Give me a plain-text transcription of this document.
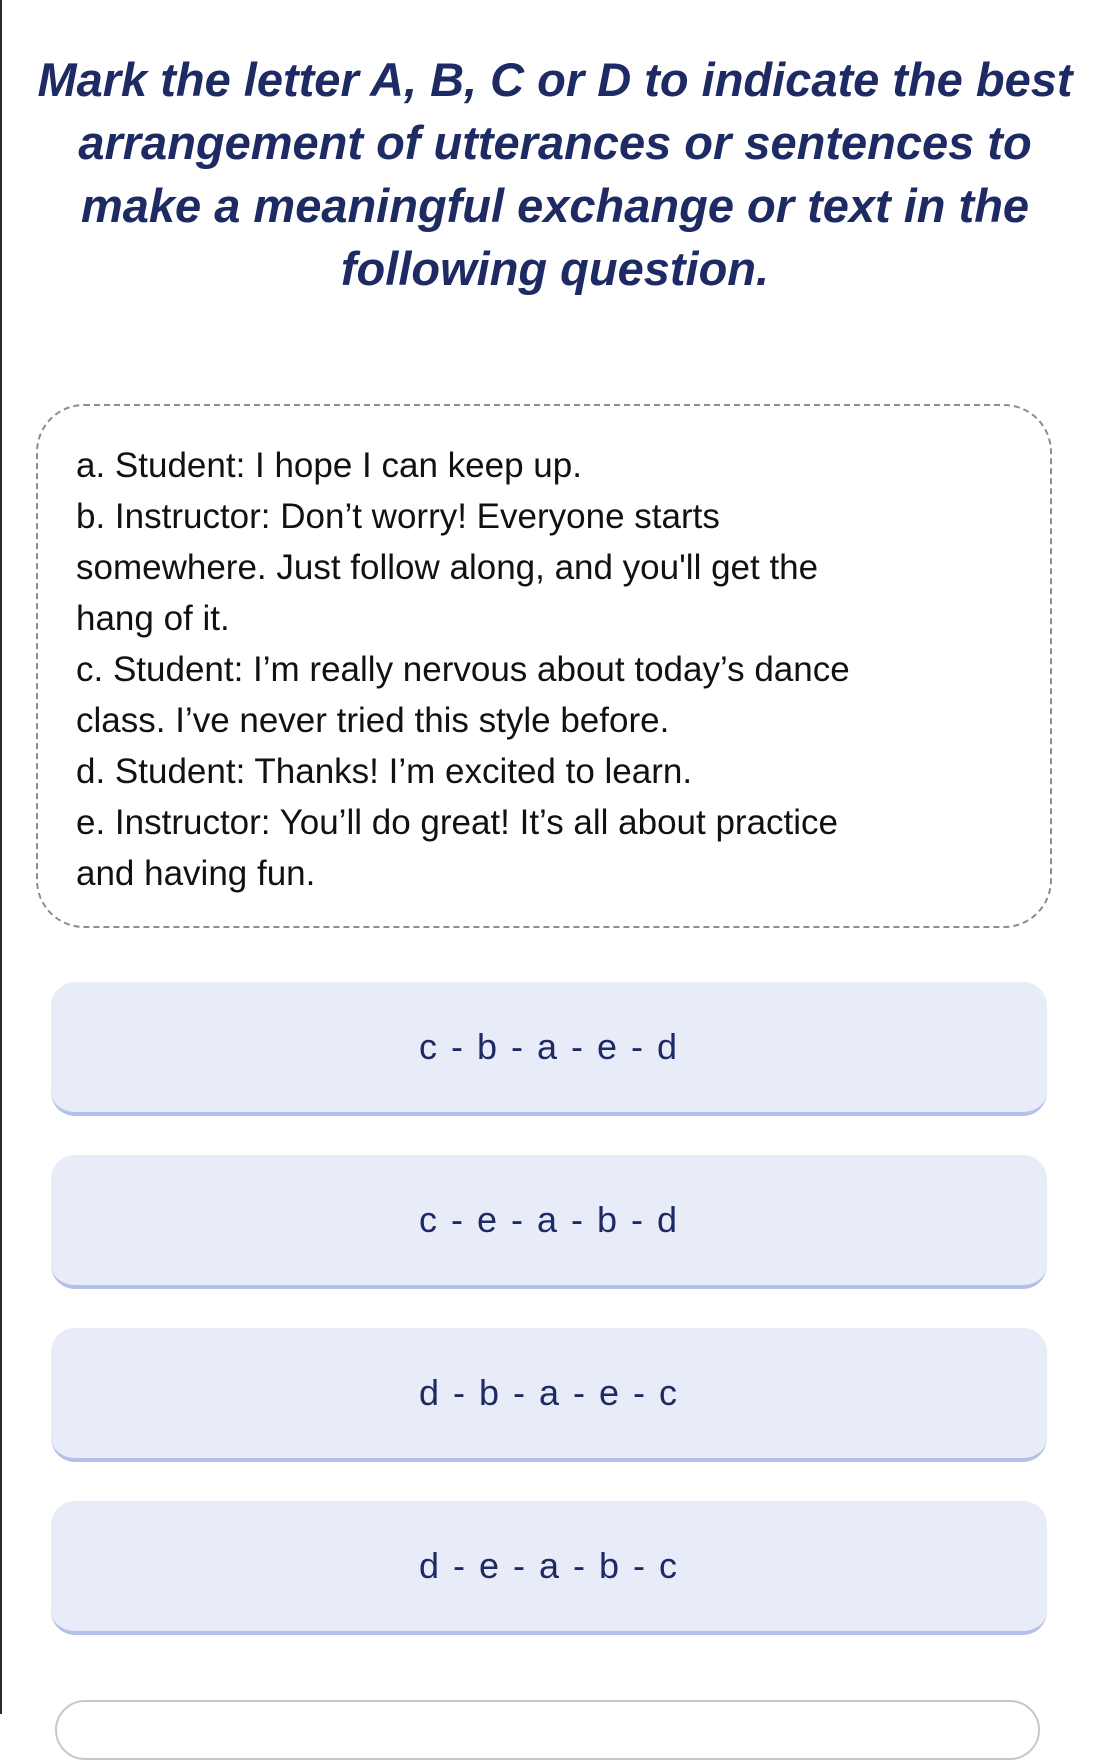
Mark the letter A, B, C or D to indicate the best arrangement of utterances or sentences to make a meaningful exchange or text in the following question.
a. Student: I hope I can keep up.
b. Instructor: Don’t worry! Everyone starts
somewhere. Just follow along, and you'll get the
hang of it.
c. Student: I’m really nervous about today’s dance
class. I’ve never tried this style before.
d. Student: Thanks! I’m excited to learn.
e. Instructor: You’ll do great! It’s all about practice
and having fun.
c - b - a - e - d
c - e - a - b - d
d - b - a - e - c
d - e - a - b - c
